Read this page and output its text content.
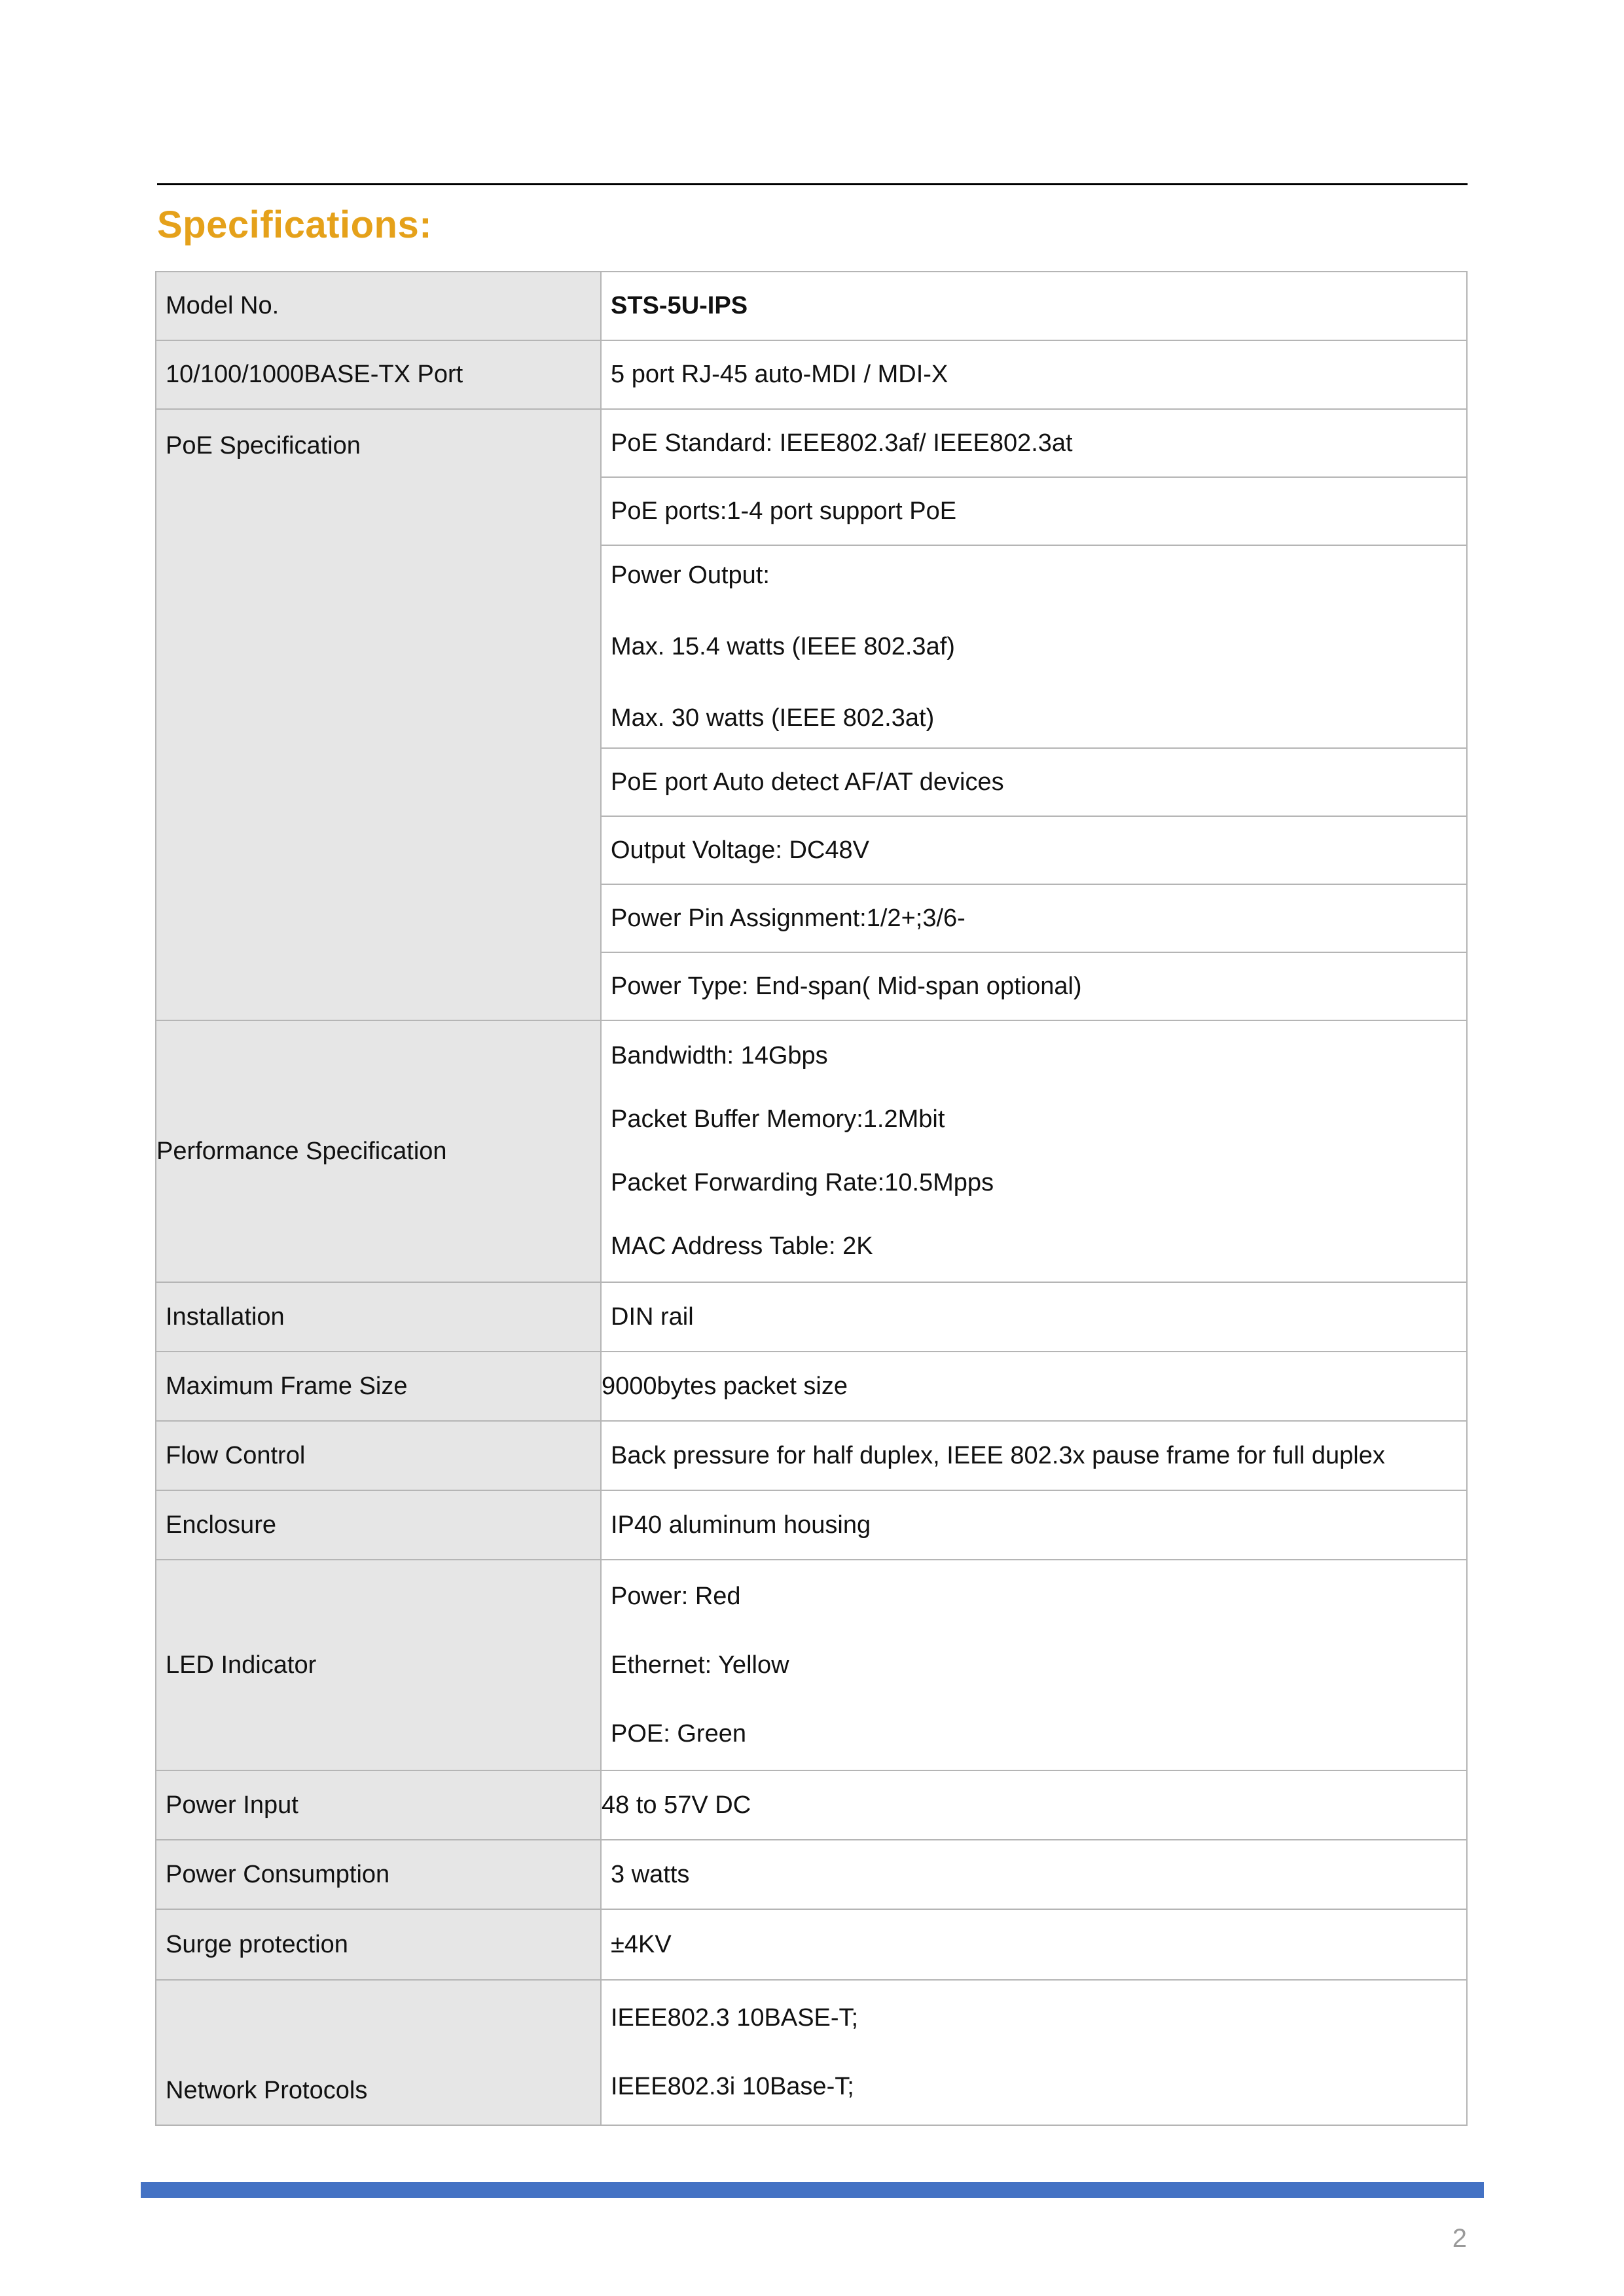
Specifications:
Model No.	STS-5U-IPS
10/100/1000BASE-TX Port	5 port RJ-45 auto-MDI / MDI-X
PoE Specification	PoE Standard: IEEE802.3af/ IEEE802.3at
	PoE ports:1-4 port support PoE

	Power Output:
Max. 15.4 watts (IEEE 802.3af)
Max. 30 watts (IEEE 802.3at)

	PoE port Auto detect AF/AT devices
	Output Voltage: DC48V
	Power Pin Assignment:1/2+;3/6-
	Power Type: End-span( Mid-span optional)
Performance Specification	Bandwidth: 14Gbps
Packet Buffer Memory:1.2Mbit
Packet Forwarding Rate:10.5Mpps
MAC Address Table: 2K

Installation	DIN rail
Maximum Frame Size	9000bytes packet size
Flow Control	Back pressure for half duplex, IEEE 802.3x pause frame for full duplex
Enclosure	IP40 aluminum housing
LED Indicator	Power: Red
Ethernet: Yellow
POE: Green

Power Input	48 to 57V DC
Power Consumption	3 watts
Surge protection	±4KV
Network Protocols	IEEE802.3 10BASE-T;
IEEE802.3i 10Base-T;
2
